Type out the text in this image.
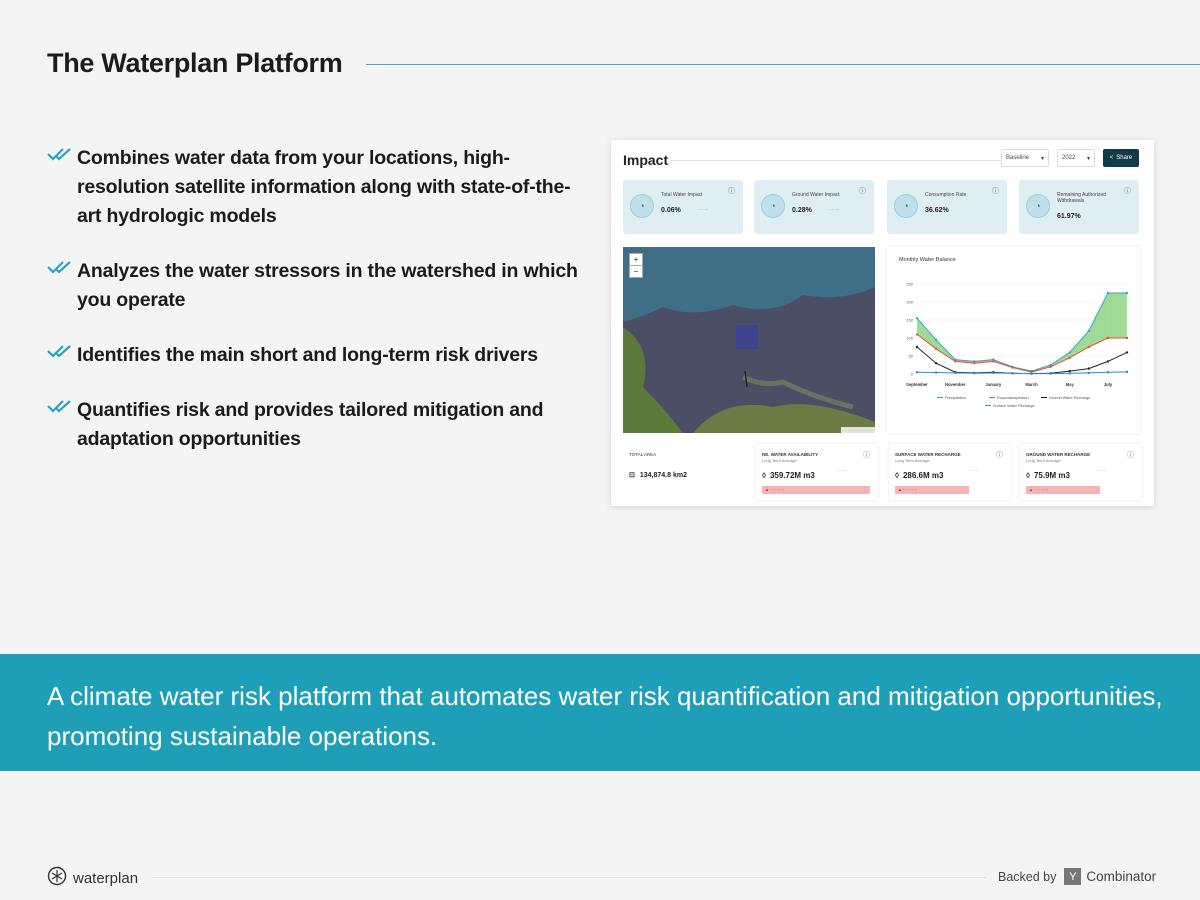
The Waterplan Platform
Combines water data from your locations, high-resolution satellite information along with state-of-the-art hydrologic models
Analyzes the water stressors in the watershed in which you operate
Identifies the main short and long-term risk drivers
Quantifies risk and provides tailored mitigation and adaptation opportunities
Impact	Baseline ▾	2022 ▾	< Share
◔
Total Water Impact
0.06%	··· ····
ⓘ
◔
Ground Water Impact
0.28%	··· ····
ⓘ
◔
Consumption Rate
36.62%
ⓘ
◔
Remaining Authorized Withdrawals
61.97%
ⓘ
+
−
···· ···· ·· ······ ······ ····
Monthly Water Balance
0
50
100
150
200
250
September	November	January	March	May	July
Precipitation	Evapotranspiration	Ground Water Recharge
Surface Water Recharge
TOTAL AREA
⊡ 134,874.8 km2
RE. WATER AVAILABILITY
Long Term Average
◊ 359.72M m3	··· ·····
▲ ··· ·······
ⓘ	SURFACE WATER RECHARGE
Long Term Average
◊ 286.6M m3	··· ·····
▲ ··· ·······
ⓘ	GROUND WATER RECHARGE
Long Term Average
◊ 75.9M m3	··· ·····
▲ ··· ·······
ⓘ
A climate water risk platform that automates water risk quantification and mitigation opportunities, promoting sustainable operations.
waterplan	Backed by	Y Combinator
